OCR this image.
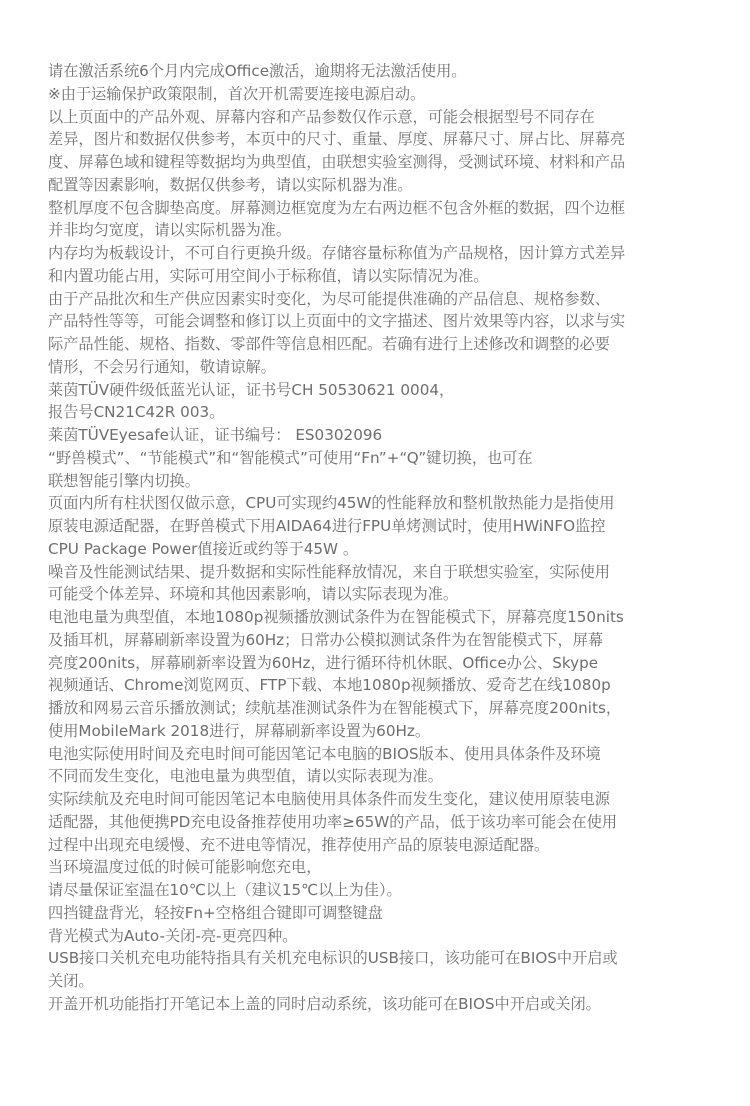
请在激活系统6个月内完成Office激活，逾期将无法激活使用。
※由于运输保护政策限制，首次开机需要连接电源启动。
以上页面中的产品外观、屏幕内容和产品参数仅作示意，可能会根据型号不同存在
差异，图片和数据仅供参考，本页中的尺寸、重量、厚度、屏幕尺寸、屏占比、屏幕亮
度、屏幕色域和键程等数据均为典型值，由联想实验室测得，受测试环境、材料和产品
配置等因素影响，数据仅供参考，请以实际机器为准。
整机厚度不包含脚垫高度。屏幕测边框宽度为左右两边框不包含外框的数据，四个边框
并非均匀宽度，请以实际机器为准。
内存均为板载设计，不可自行更换升级。存储容量标称值为产品规格，因计算方式差异
和内置功能占用，实际可用空间小于标称值，请以实际情况为准。
由于产品批次和生产供应因素实时变化，为尽可能提供准确的产品信息、规格参数、
产品特性等等，可能会调整和修订以上页面中的文字描述、图片效果等内容，以求与实
际产品性能、规格、指数、零部件等信息相匹配。若确有进行上述修改和调整的必要
情形，不会另行通知，敬请谅解。
莱茵TÜV硬件级低蓝光认证，证书号CH 50530621 0004，
报告号CN21C42R 003。
莱茵TÜVEyesafe认证，证书编号： ES0302096
“野兽模式”、“节能模式”和“智能模式”可使用“Fn”+“Q”键切换，也可在
联想智能引擎内切换。
页面内所有柱状图仅做示意，CPU可实现约45W的性能释放和整机散热能力是指使用
原装电源适配器，在野兽模式下用AIDA64进行FPU单烤测试时，使用HWiNFO监控
CPU Package Power值接近或约等于45W 。
噪音及性能测试结果、提升数据和实际性能释放情况，来自于联想实验室，实际使用
可能受个体差异、环境和其他因素影响，请以实际表现为准。
电池电量为典型值，本地1080p视频播放测试条件为在智能模式下，屏幕亮度150nits
及插耳机，屏幕刷新率设置为60Hz；日常办公模拟测试条件为在智能模式下，屏幕
亮度200nits，屏幕刷新率设置为60Hz，进行循环待机休眠、Office办公、Skype
视频通话、Chrome浏览网页、FTP下载、本地1080p视频播放、爱奇艺在线1080p
播放和网易云音乐播放测试；续航基准测试条件为在智能模式下，屏幕亮度200nits，
使用MobileMark 2018进行，屏幕刷新率设置为60Hz。
电池实际使用时间及充电时间可能因笔记本电脑的BIOS版本、使用具体条件及环境
不同而发生变化，电池电量为典型值，请以实际表现为准。
实际续航及充电时间可能因笔记本电脑使用具体条件而发生变化，建议使用原装电源
适配器，其他便携PD充电设备推荐使用功率≥65W的产品，低于该功率可能会在使用
过程中出现充电缓慢、充不进电等情况，推荐使用产品的原装电源适配器。
当环境温度过低的时候可能影响您充电，
请尽量保证室温在10℃以上（建议15℃以上为佳）。
四挡键盘背光，轻按Fn+空格组合键即可调整键盘
背光模式为Auto-关闭-亮-更亮四种。
USB接口关机充电功能特指具有关机充电标识的USB接口，该功能可在BIOS中开启或
关闭。
开盖开机功能指打开笔记本上盖的同时启动系统，该功能可在BIOS中开启或关闭。
